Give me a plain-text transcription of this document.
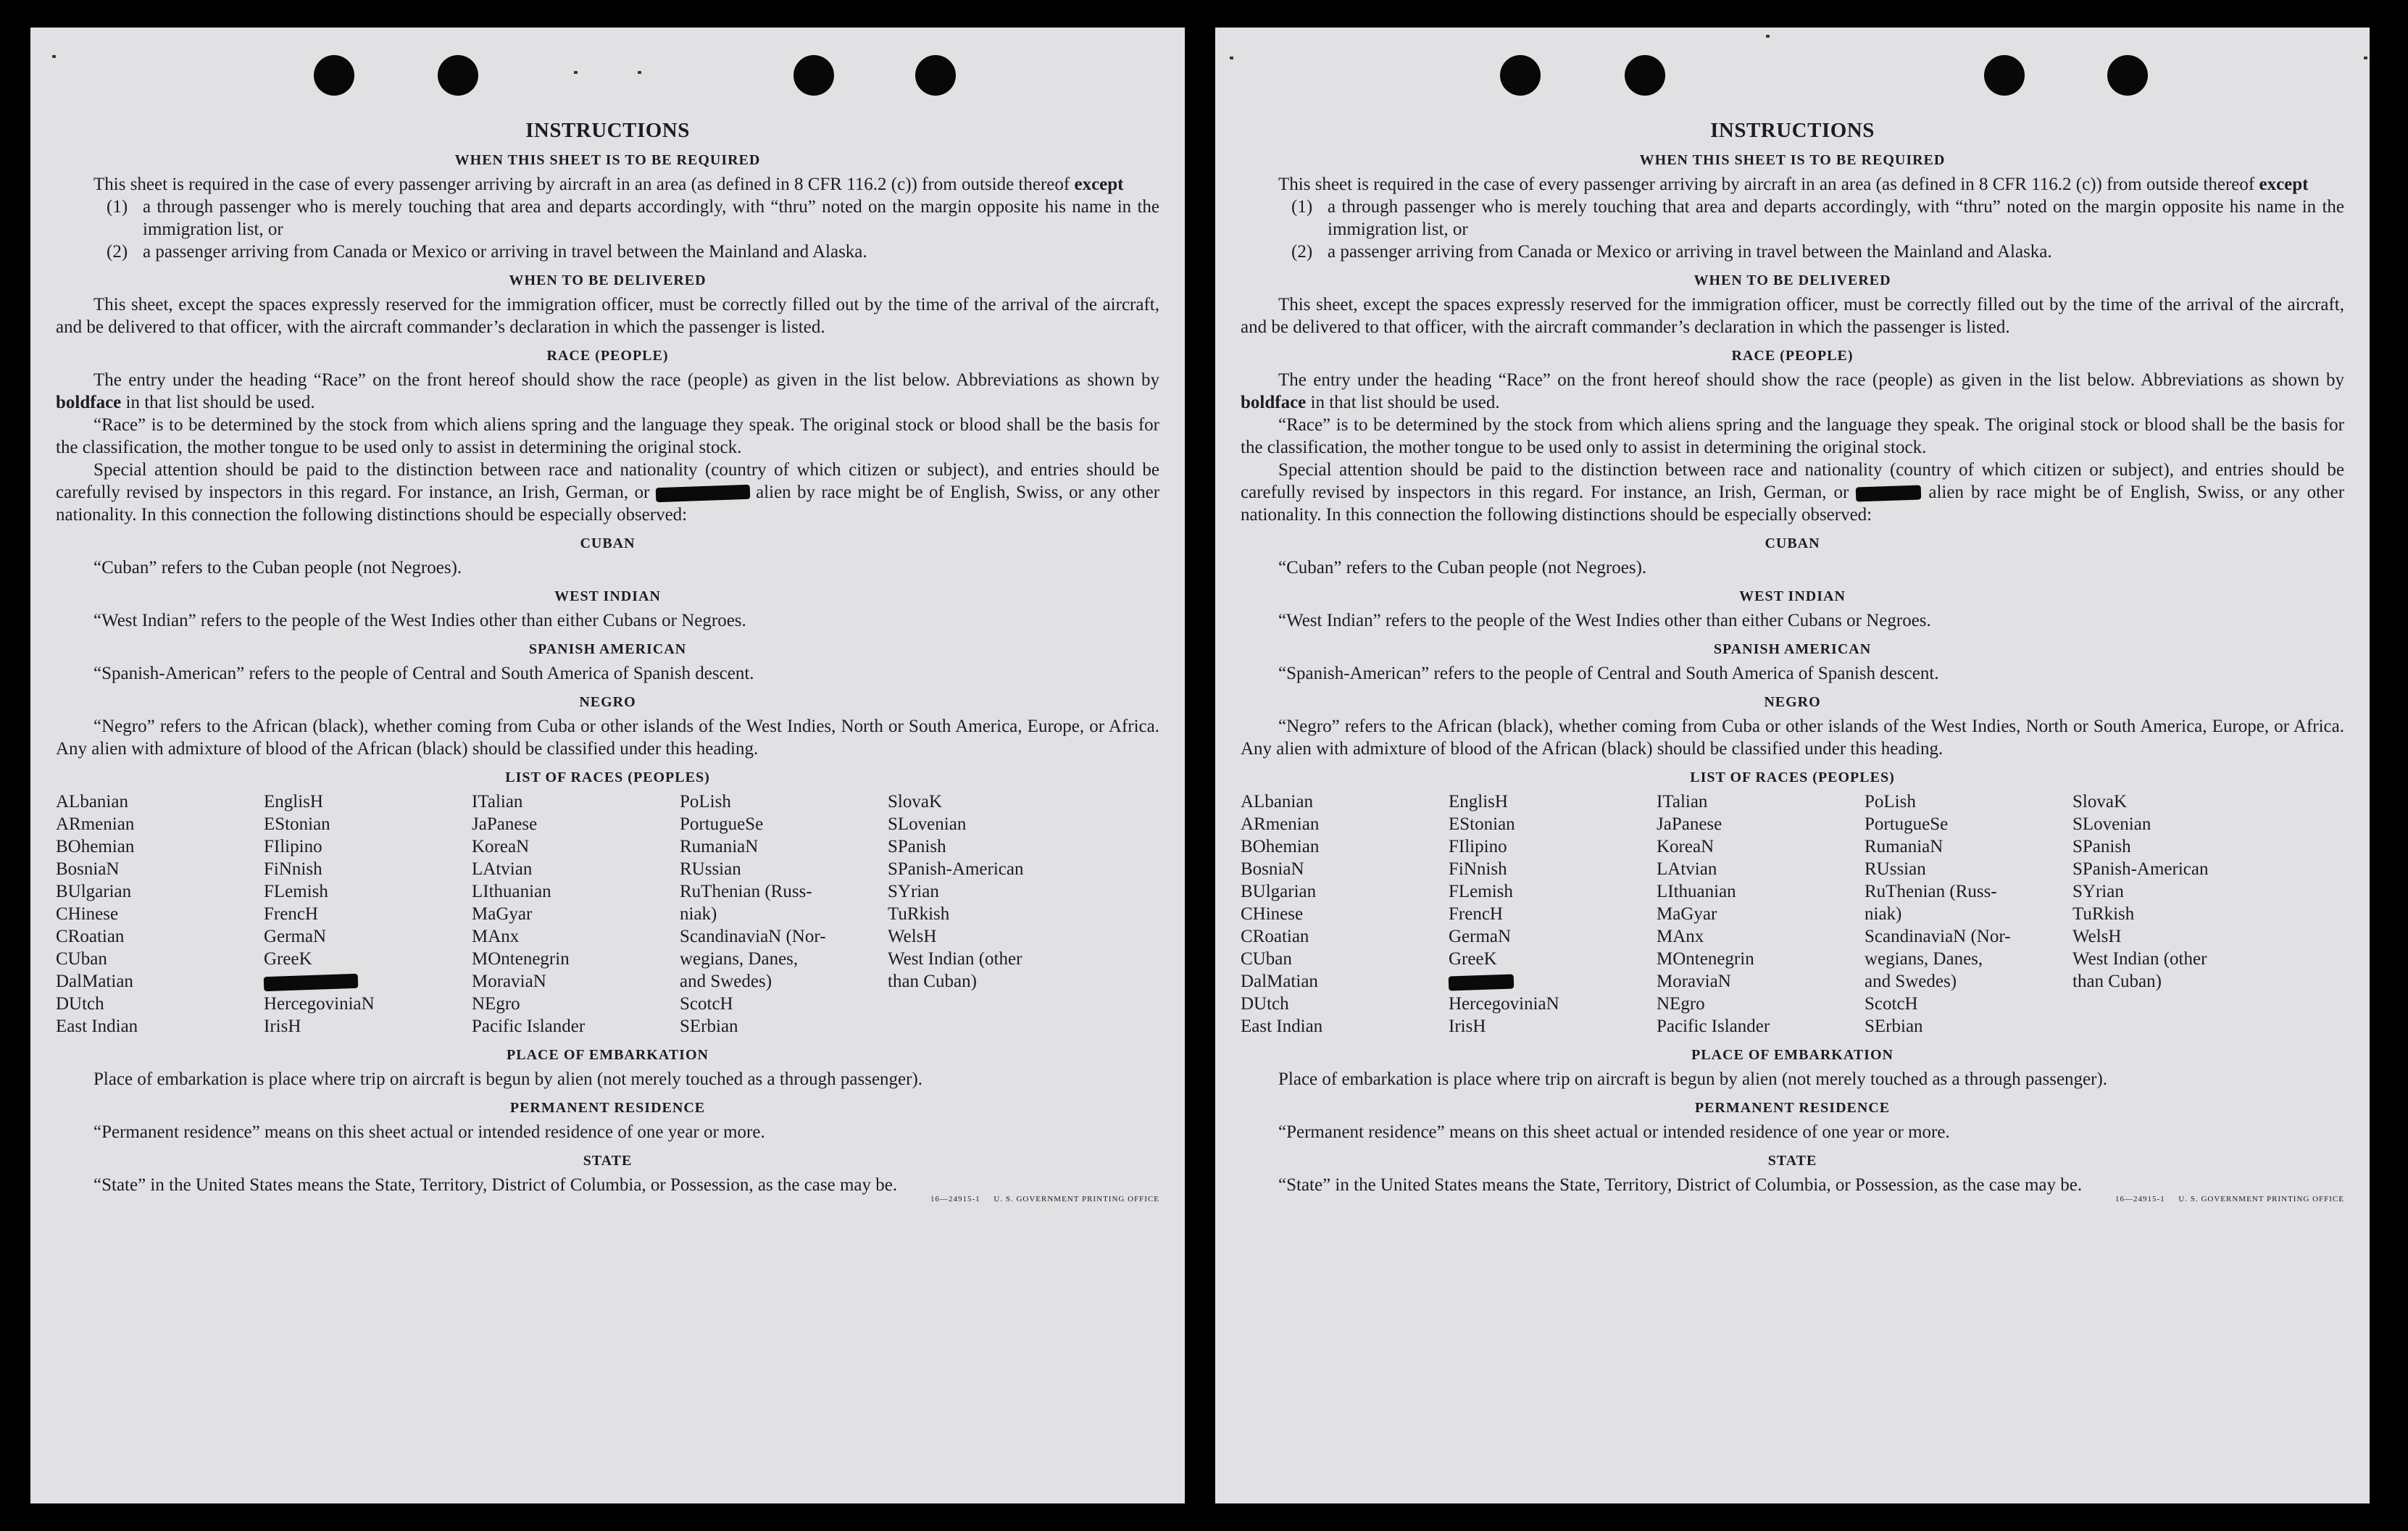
INSTRUCTIONS
WHEN THIS SHEET IS TO BE REQUIRED

This sheet is required in the case of every passenger arriving by aircraft in an area (as defined in 8 CFR 116.2 (c)) from outside thereof except

(1) a through passenger who is merely touching that area and departs accordingly, with “thru” noted on the margin opposite his name in the immigration list, or
(2) a passenger arriving from Canada or Mexico or arriving in travel between the Mainland and Alaska.
WHEN TO BE DELIVERED

This sheet, except the spaces expressly reserved for the immigration officer, must be correctly filled out by the time of the arrival of the aircraft, and be delivered to that officer, with the aircraft commander’s declaration in which the passenger is listed.

RACE (PEOPLE)

The entry under the heading “Race” on the front hereof should show the race (people) as given in the list below. Abbreviations as shown by boldface in that list should be used.

“Race” is to be determined by the stock from which aliens spring and the language they speak. The original stock or blood shall be the basis for the classification, the mother tongue to be used only to assist in determining the original stock.

Special attention should be paid to the distinction between race and nationality (country of which citizen or subject), and entries should be carefully revised by inspectors in this regard. For instance, an Irish, German, or	alien by race might be of English, Swiss, or any other nationality. In this connection the following distinctions should be especially observed:

CUBAN

“Cuban” refers to the Cuban people (not Negroes).

WEST INDIAN

“West Indian” refers to the people of the West Indies other than either Cubans or Negroes.

SPANISH AMERICAN

“Spanish-American” refers to the people of Central and South America of Spanish descent.

NEGRO

“Negro” refers to the African (black), whether coming from Cuba or other islands of the West Indies, North or South America, Europe, or Africa. Any alien with admixture of blood of the African (black) should be classified under this heading.

LIST OF RACES (PEOPLES)
ALbanian
ARmenian
BOhemian
BosniaN
BUlgarian
CHinese
CRoatian
CUban
DalMatian
DUtch
East Indian
EnglisH
EStonian
FIlipino
FiNnish
FLemish
FrencH
GermaN
GreeK
HercegoviniaN
IrisH
ITalian
JaPanese
KoreaN
LAtvian
LIthuanian
MaGyar
MAnx
MOntenegrin
MoraviaN
NEgro
Pacific Islander
PoLish
PortugueSe
RumaniaN
RUssian
RuThenian (Russ-
niak)
ScandinaviaN (Nor-
wegians, Danes,
and Swedes)
ScotcH
SErbian
SlovaK
SLovenian
SPanish
SPanish-American
SYrian
TuRkish
WelsH
West Indian (other
than Cuban)
PLACE OF EMBARKATION

Place of embarkation is place where trip on aircraft is begun by alien (not merely touched as a through passenger).

PERMANENT RESIDENCE

“Permanent residence” means on this sheet actual or intended residence of one year or more.

STATE

“State” in the United States means the State, Territory, District of Columbia, or Possession, as the case may be.

16—24915-1 U. S. GOVERNMENT PRINTING OFFICE
INSTRUCTIONS
WHEN THIS SHEET IS TO BE REQUIRED

This sheet is required in the case of every passenger arriving by aircraft in an area (as defined in 8 CFR 116.2 (c)) from outside thereof except

(1) a through passenger who is merely touching that area and departs accordingly, with “thru” noted on the margin opposite his name in the immigration list, or
(2) a passenger arriving from Canada or Mexico or arriving in travel between the Mainland and Alaska.
WHEN TO BE DELIVERED

This sheet, except the spaces expressly reserved for the immigration officer, must be correctly filled out by the time of the arrival of the aircraft, and be delivered to that officer, with the aircraft commander’s declaration in which the passenger is listed.

RACE (PEOPLE)

The entry under the heading “Race” on the front hereof should show the race (people) as given in the list below. Abbreviations as shown by boldface in that list should be used.

“Race” is to be determined by the stock from which aliens spring and the language they speak. The original stock or blood shall be the basis for the classification, the mother tongue to be used only to assist in determining the original stock.

Special attention should be paid to the distinction between race and nationality (country of which citizen or subject), and entries should be carefully revised by inspectors in this regard. For instance, an Irish, German, or	alien by race might be of English, Swiss, or any other nationality. In this connection the following distinctions should be especially observed:

CUBAN

“Cuban” refers to the Cuban people (not Negroes).

WEST INDIAN

“West Indian” refers to the people of the West Indies other than either Cubans or Negroes.

SPANISH AMERICAN

“Spanish-American” refers to the people of Central and South America of Spanish descent.

NEGRO

“Negro” refers to the African (black), whether coming from Cuba or other islands of the West Indies, North or South America, Europe, or Africa. Any alien with admixture of blood of the African (black) should be classified under this heading.

LIST OF RACES (PEOPLES)
ALbanian
ARmenian
BOhemian
BosniaN
BUlgarian
CHinese
CRoatian
CUban
DalMatian
DUtch
East Indian
EnglisH
EStonian
FIlipino
FiNnish
FLemish
FrencH
GermaN
GreeK
HercegoviniaN
IrisH
ITalian
JaPanese
KoreaN
LAtvian
LIthuanian
MaGyar
MAnx
MOntenegrin
MoraviaN
NEgro
Pacific Islander
PoLish
PortugueSe
RumaniaN
RUssian
RuThenian (Russ-
niak)
ScandinaviaN (Nor-
wegians, Danes,
and Swedes)
ScotcH
SErbian
SlovaK
SLovenian
SPanish
SPanish-American
SYrian
TuRkish
WelsH
West Indian (other
than Cuban)
PLACE OF EMBARKATION

Place of embarkation is place where trip on aircraft is begun by alien (not merely touched as a through passenger).

PERMANENT RESIDENCE

“Permanent residence” means on this sheet actual or intended residence of one year or more.

STATE

“State” in the United States means the State, Territory, District of Columbia, or Possession, as the case may be.

16—24915-1 U. S. GOVERNMENT PRINTING OFFICE
